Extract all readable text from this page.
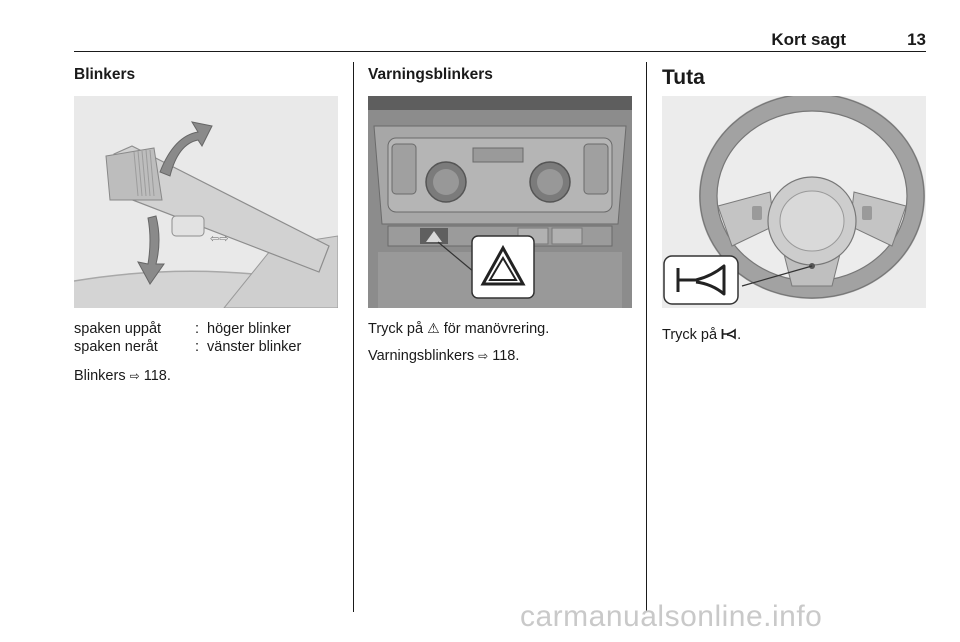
Kort sagt	13
Blinkers
⇦⇨
spaken uppåt : höger blinker
spaken neråt	: vänster blinker
Blinkers ⇨ 118.
Varningsblinkers
Tryck på ⚠ för manövrering.
Varningsblinkers ⇨ 118.
Tuta
Tryck på .
carmanualsonline.info
